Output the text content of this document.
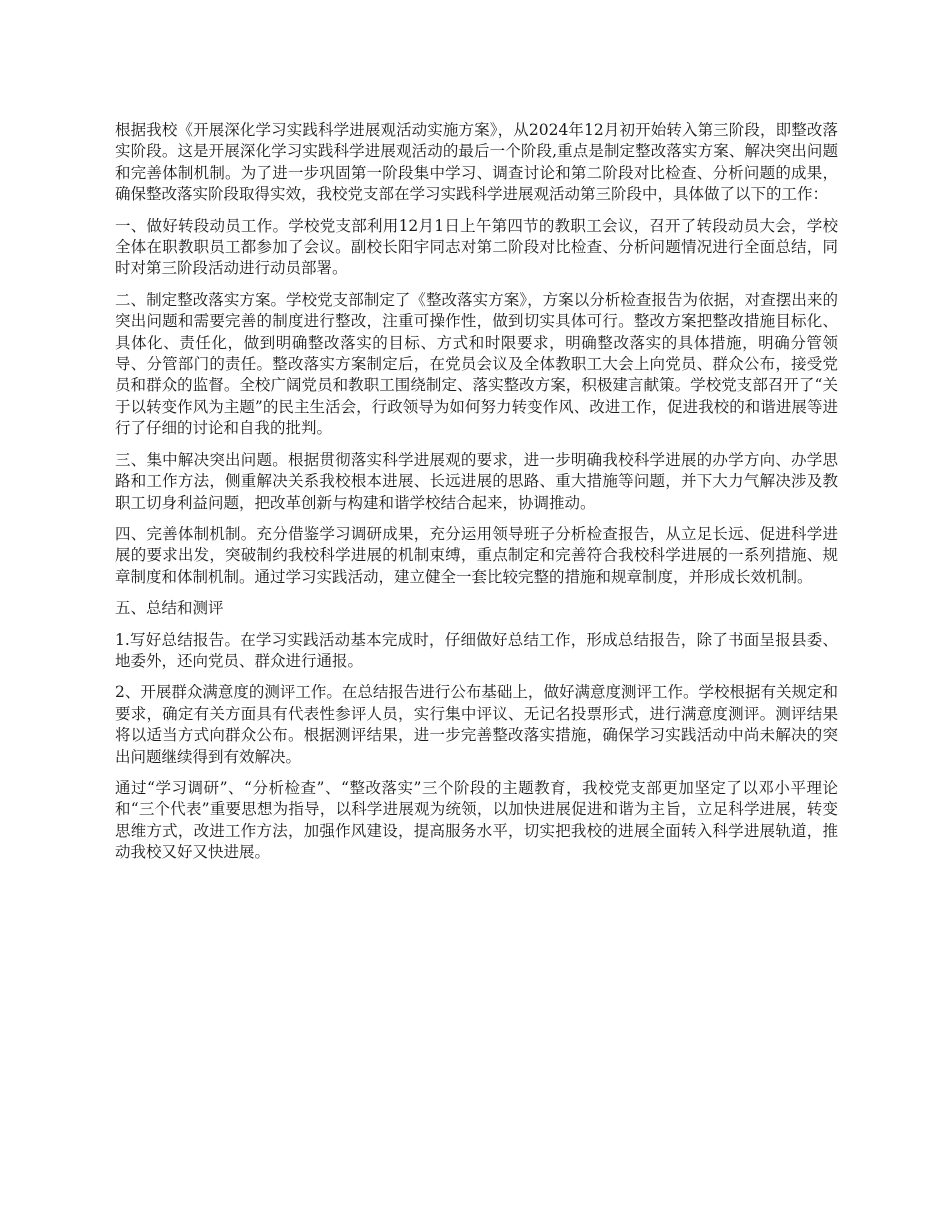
根据我校《开展深化学习实践科学进展观活动实施方案》，从2024年12月初开始转入第三阶段，即整改落实阶段。这是开展深化学习实践科学进展观活动的最后一个阶段,重点是制定整改落实方案、解决突出问题和完善体制机制。为了进一步巩固第一阶段集中学习、调查讨论和第二阶段对比检查、分析问题的成果，确保整改落实阶段取得实效，我校党支部在学习实践科学进展观活动第三阶段中，具体做了以下的工作：

一、做好转段动员工作。学校党支部利用12月1日上午第四节的教职工会议，召开了转段动员大会，学校全体在职教职员工都参加了会议。副校长阳宇同志对第二阶段对比检查、分析问题情况进行全面总结，同时对第三阶段活动进行动员部署。

二、制定整改落实方案。学校党支部制定了《整改落实方案》，方案以分析检查报告为依据，对查摆出来的突出问题和需要完善的制度进行整改，注重可操作性，做到切实具体可行。整改方案把整改措施目标化、具体化、责任化，做到明确整改落实的目标、方式和时限要求，明确整改落实的具体措施，明确分管领导、分管部门的责任。整改落实方案制定后，在党员会议及全体教职工大会上向党员、群众公布，接受党员和群众的监督。全校广阔党员和教职工围绕制定、落实整改方案，积极建言献策。学校党支部召开了“关于以转变作风为主题”的民主生活会，行政领导为如何努力转变作风、改进工作，促进我校的和谐进展等进行了仔细的讨论和自我的批判。

三、集中解决突出问题。根据贯彻落实科学进展观的要求，进一步明确我校科学进展的办学方向、办学思路和工作方法，侧重解决关系我校根本进展、长远进展的思路、重大措施等问题，并下大力气解决涉及教职工切身利益问题，把改革创新与构建和谐学校结合起来，协调推动。

四、完善体制机制。充分借鉴学习调研成果，充分运用领导班子分析检查报告，从立足长远、促进科学进展的要求出发，突破制约我校科学进展的机制束缚，重点制定和完善符合我校科学进展的一系列措施、规章制度和体制机制。通过学习实践活动，建立健全一套比较完整的措施和规章制度，并形成长效机制。

五、总结和测评

1.写好总结报告。在学习实践活动基本完成时，仔细做好总结工作，形成总结报告，除了书面呈报县委、地委外，还向党员、群众进行通报。

2、开展群众满意度的测评工作。在总结报告进行公布基础上，做好满意度测评工作。学校根据有关规定和要求，确定有关方面具有代表性参评人员，实行集中评议、无记名投票形式，进行满意度测评。测评结果将以适当方式向群众公布。根据测评结果，进一步完善整改落实措施，确保学习实践活动中尚未解决的突出问题继续得到有效解决。

通过“学习调研”、“分析检查”、“整改落实”三个阶段的主题教育，我校党支部更加坚定了以邓小平理论和“三个代表”重要思想为指导，以科学进展观为统领，以加快进展促进和谐为主旨，立足科学进展，转变思维方式，改进工作方法，加强作风建设，提高服务水平，切实把我校的进展全面转入科学进展轨道，推动我校又好又快进展。
